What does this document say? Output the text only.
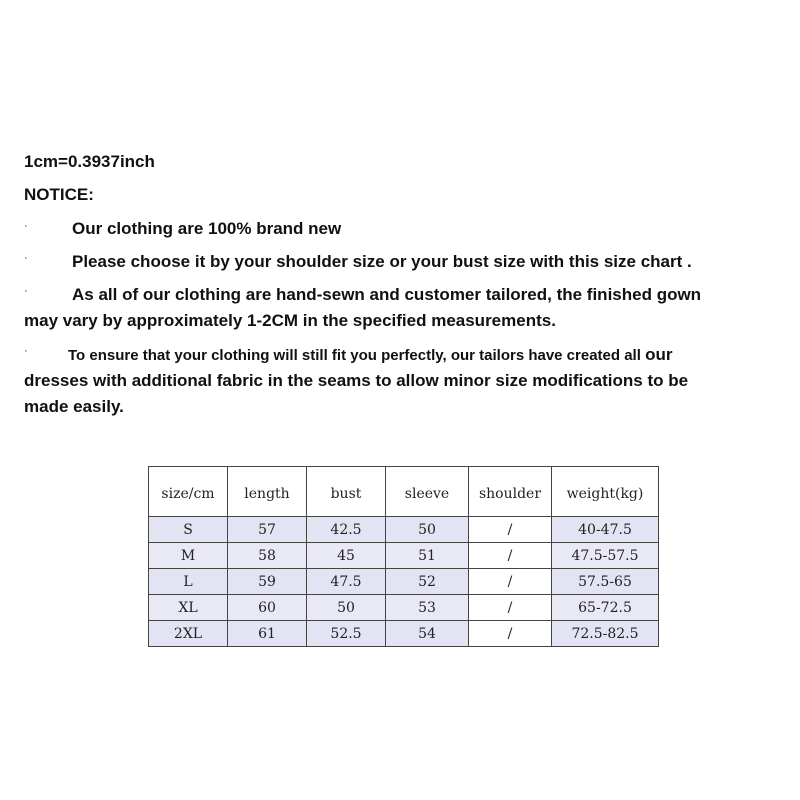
1cm=0.3937inch
NOTICE:
·	Our clothing are 100% brand new
·	Please choose it by your shoulder size or your bust size with this size chart .
·	As all of our clothing are hand-sewn and customer tailored, the finished gown
may vary by approximately 1-2CM in the specified measurements.
·	To ensure that your clothing will still fit you perfectly, our tailors have created all our
dresses with additional fabric in the seams to allow minor size modifications to be
made easily.
size/cm	length	bust	sleeve	shoulder	weight(kg)
S	57	42.5	50	/	40-47.5
M	58	45	51	/	47.5-57.5
L	59	47.5	52	/	57.5-65
XL	60	50	53	/	65-72.5
2XL	61	52.5	54	/	72.5-82.5
